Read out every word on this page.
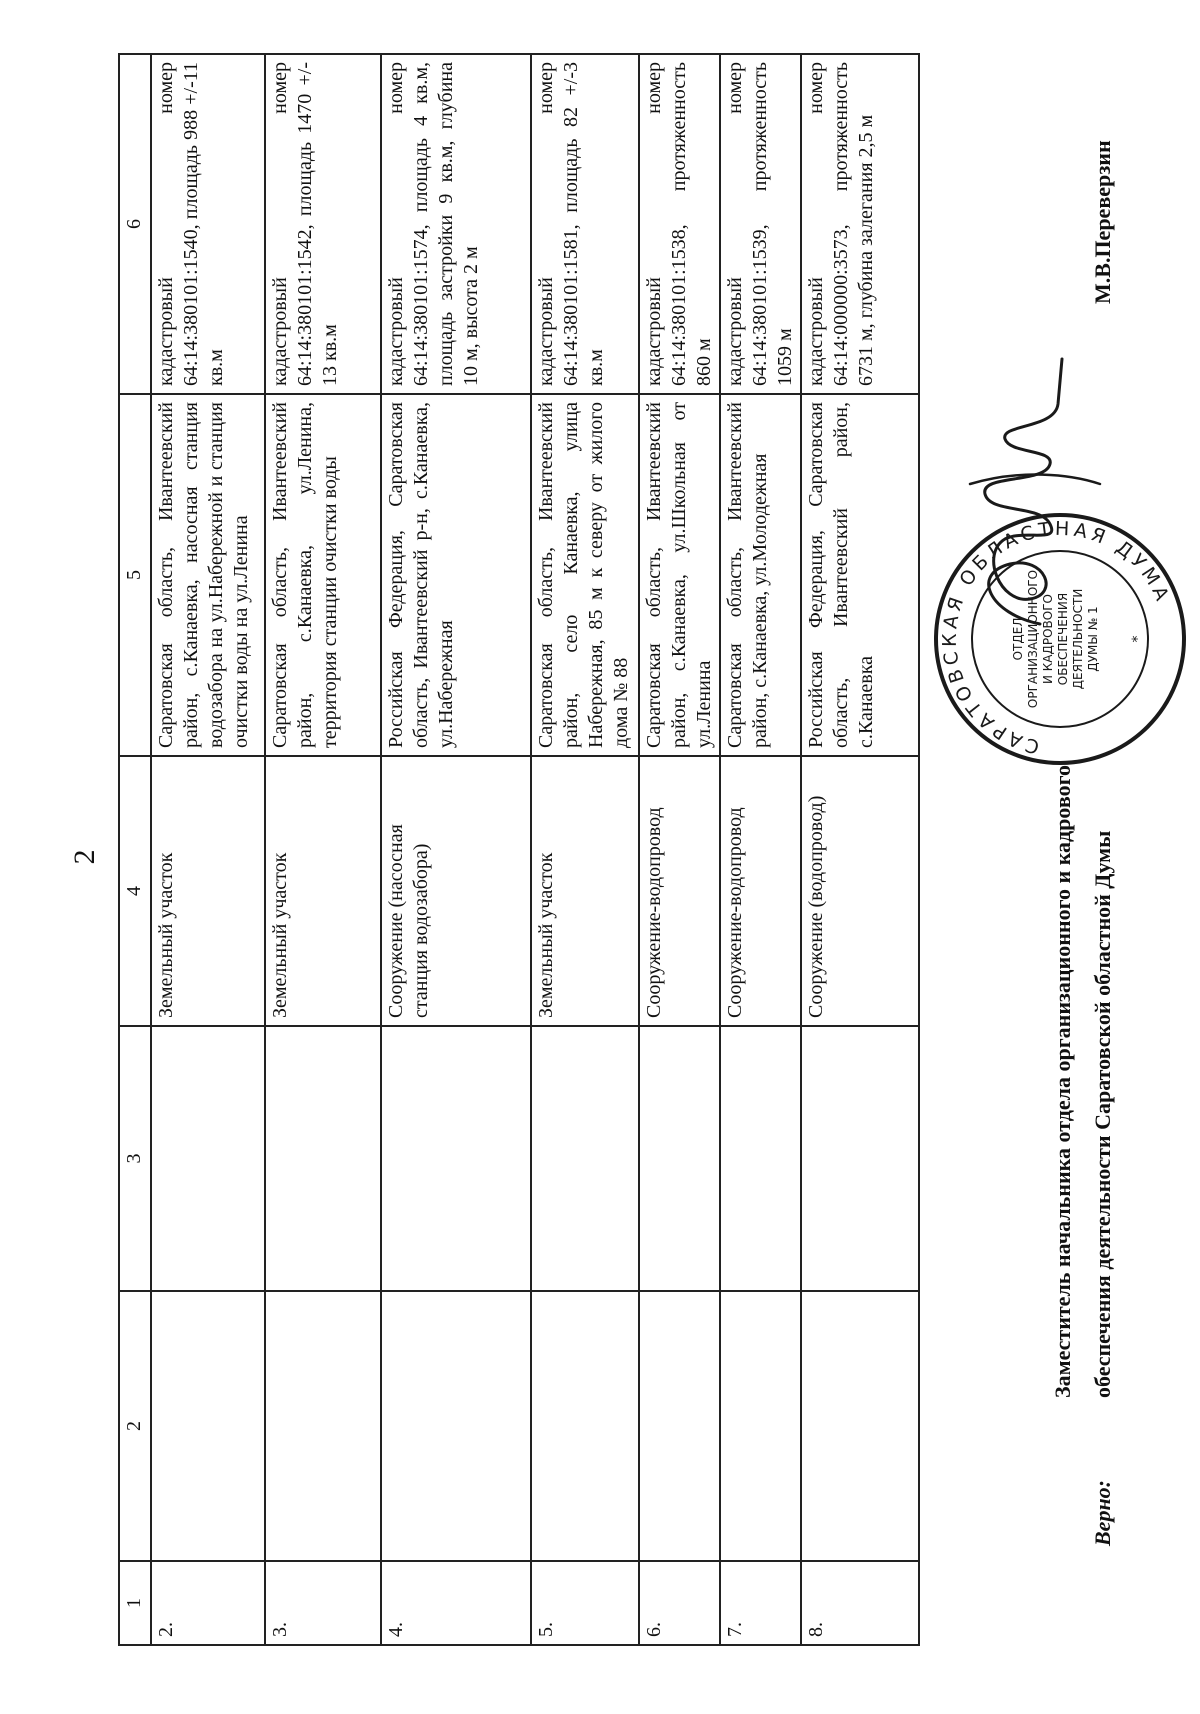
2
1	2	3	4	5	6
2.			Земельный участок	Саратовская область, Ивантеевский район, с.Канаевка, насосная станция водозабора на ул.Набережной и станция очистки воды на ул.Ленина	кадастровый номер 64:14:380101:1540, площадь 988 +/-11 кв.м
3.			Земельный участок	Саратовская область, Ивантеевский район, с.Канаевка, ул.Ленина, территория станции очистки воды	кадастровый номер 64:14:380101:1542, площадь 1470 +/- 13 кв.м
4.			Сооружение (насосная станция водозабора)	Российская Федерация, Саратовская область, Ивантеевский р-н, с.Канаевка, ул.Набережная	кадастровый номер 64:14:380101:1574, площадь 4 кв.м, площадь застройки 9 кв.м, глубина 10 м, высота 2 м
5.			Земельный участок	Саратовская область, Ивантеевский район, село Канаевка, улица Набережная, 85 м к северу от жилого дома № 88	кадастровый номер 64:14:380101:1581, площадь 82 +/-3 кв.м
6.			Сооружение-водопровод	Саратовская область, Ивантеевский район, с.Канаевка, ул.Школьная от ул.Ленина	кадастровый номер 64:14:380101:1538, протяженность 860 м
7.			Сооружение-водопровод	Саратовская область, Ивантеевский район, с.Канаевка, ул.Молодежная	кадастровый номер 64:14:380101:1539, протяженность 1059 м
8.			Сооружение (водопровод)	Российская Федерация, Саратовская область, Ивантеевский район, с.Канаевка	кадастровый номер 64:14:000000:3573, протяженность 6731 м, глубина залегания 2,5 м
Верно:
Заместитель начальника отдела организационного и кадрового обеспечения деятельности Саратовской областной Думы
М.В.Переверзин
САРАТОВСКАЯ ОБЛАСТНАЯ ДУМА
ОТДЕЛ ОРГАНИЗАЦИОННОГО И КАДРОВОГО ОБЕСПЕЧЕНИЯ ДЕЯТЕЛЬНОСТИ ДУМЫ № 1 *
